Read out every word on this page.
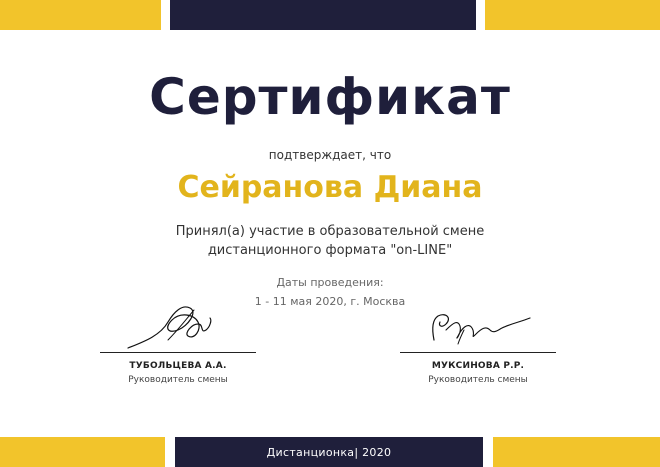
Сертификат
подтверждает, что
Сейранова Диана
Принял(а) участие в образовательной смене
дистанционного формата "on-LINE"
Даты проведения:
1 - 11 мая 2020, г. Москва
ТУБОЛЬЦЕВА А.А.
Руководитель смены
МУКСИНОВА Р.Р.
Руководитель смены
Дистанционка| 2020
